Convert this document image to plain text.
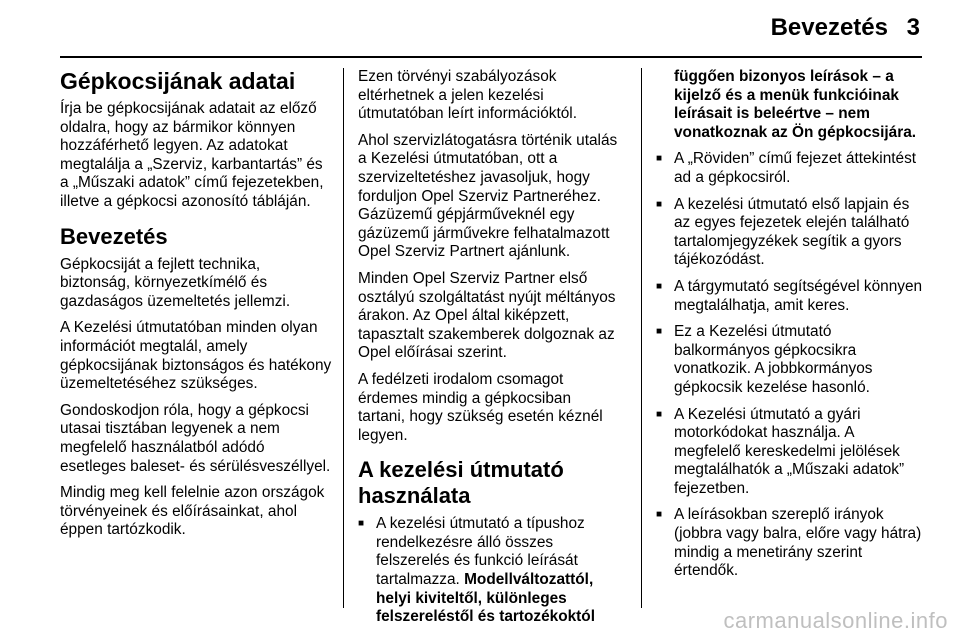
Bevezetés 3
Gépkocsijának adatai

Írja be gépkocsijának adatait az előző oldalra, hogy az bármikor könnyen hozzáférhető legyen. Az adatokat megtalálja a „Szerviz, karbantartás” és a „Műszaki adatok” című fejezetekben, illetve a gépkocsi azonosító tábláján.

Bevezetés

Gépkocsiját a fejlett technika, biztonság, környezetkímélő és gazdaságos üzemeltetés jellemzi.

A Kezelési útmutatóban minden olyan információt megtalál, amely gépkocsijának biztonságos és hatékony üzemeltetéséhez szükséges.

Gondoskodjon róla, hogy a gépkocsi utasai tisztában legyenek a nem megfelelő használatból adódó esetleges baleset- és sérülésveszéllyel.

Mindig meg kell felelnie azon országok törvényeinek és előírásainkat, ahol éppen tartózkodik.

Ezen törvényi szabályozások eltérhetnek a jelen kezelési útmutatóban leírt információktól.

Ahol szervizlátogatásra történik utalás a Kezelési útmutatóban, ott a szervizeltetéshez javasoljuk, hogy forduljon Opel Szerviz Partneréhez. Gázüzemű gépjárműveknél egy gázüzemű járművekre felhatalmazott Opel Szerviz Partnert ajánlunk.

Minden Opel Szerviz Partner első osztályú szolgáltatást nyújt méltányos árakon. Az Opel által kiképzett, tapasztalt szakemberek dolgoznak az Opel előírásai szerint.

A fedélzeti irodalom csomagot érdemes mindig a gépkocsiban tartani, hogy szükség esetén kéznél legyen.

A kezelési útmutató használata
■ A kezelési útmutató a típushoz rendelkezésre álló összes felszerelés és funkció leírását tartalmazza. Modellváltozattól, helyi kiviteltől, különleges felszereléstől és tartozékoktól

függően bizonyos leírások – a kijelző és a menük funkcióinak leírásait is beleértve – nem vonatkoznak az Ön gépkocsijára.

■ A „Röviden” című fejezet áttekintést ad a gépkocsiról.
■ A kezelési útmutató első lapjain és az egyes fejezetek elején található tartalomjegyzékek segítik a gyors tájékozódást.
■ A tárgymutató segítségével könnyen megtalálhatja, amit keres.
■ Ez a Kezelési útmutató balkormányos gépkocsikra vonatkozik. A jobbkormányos gépkocsik kezelése hasonló.
■ A Kezelési útmutató a gyári motorkódokat használja. A megfelelő kereskedelmi jelölések megtalálhatók a „Műszaki adatok” fejezetben.
■ A leírásokban szereplő irányok (jobbra vagy balra, előre vagy hátra) mindig a menetirány szerint értendők.
carmanualsonline.info
